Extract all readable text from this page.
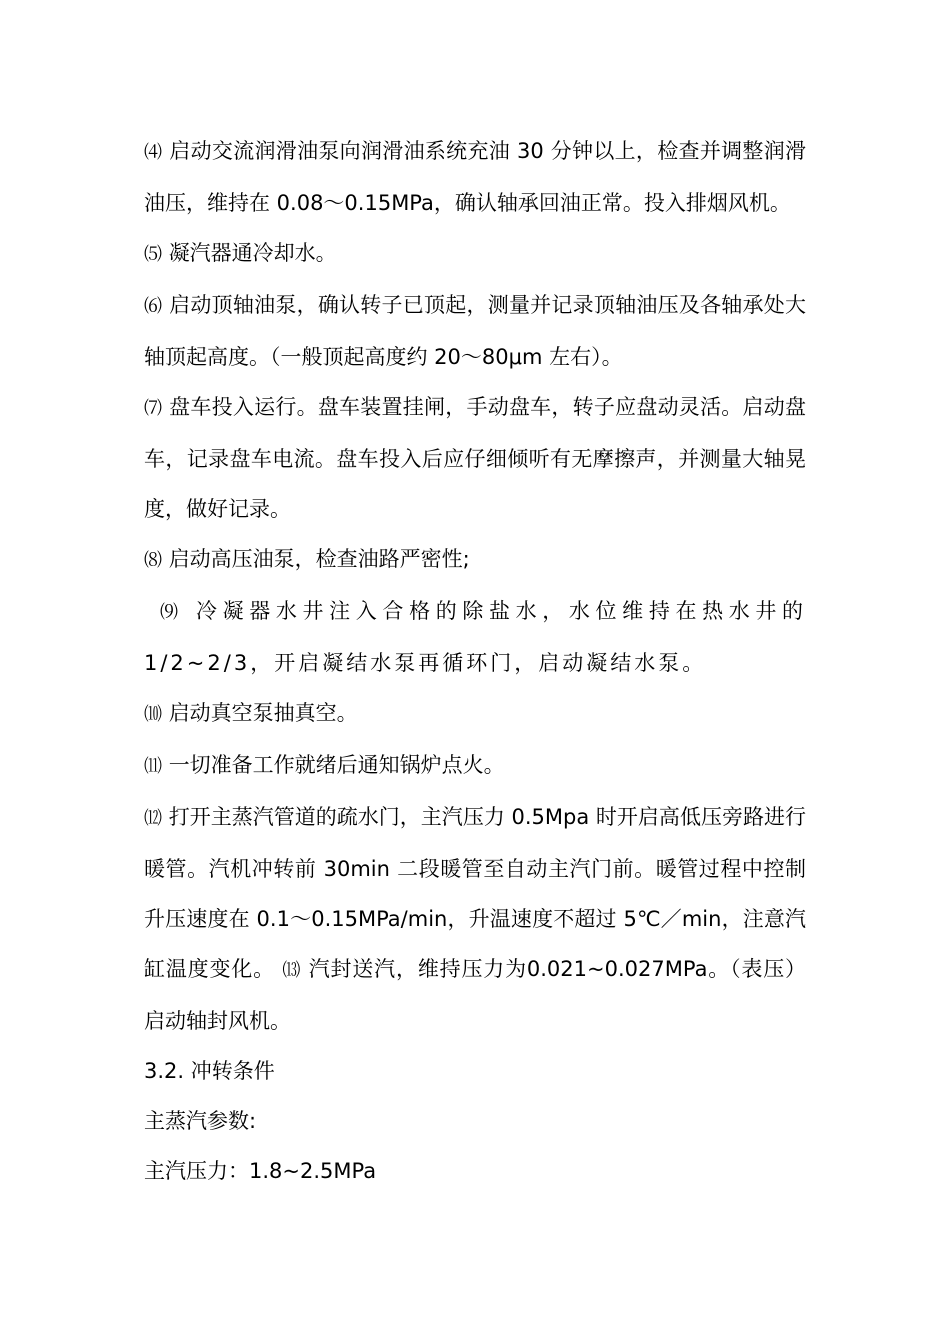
⑷ 启动交流润滑油泵向润滑油系统充油 30 分钟以上，检查并调整润滑油压，维持在 0.08～0.15MPa，确认轴承回油正常。投入排烟风机。

⑸ 凝汽器通冷却水。

⑹ 启动顶轴油泵，确认转子已顶起，测量并记录顶轴油压及各轴承处大轴顶起高度。（一般顶起高度约 20～80μm 左右）。

⑺ 盘车投入运行。盘车装置挂闸，手动盘车，转子应盘动灵活。启动盘车，记录盘车电流。盘车投入后应仔细倾听有无摩擦声，并测量大轴晃度，做好记录。

⑻ 启动高压油泵，检查油路严密性;

⑼ 冷凝器水井注入合格的除盐水，水位维持在热水井的1/2~2/3，开启凝结水泵再循环门，启动凝结水泵。

⑽ 启动真空泵抽真空。

⑾ 一切准备工作就绪后通知锅炉点火。

⑿ 打开主蒸汽管道的疏水门，主汽压力 0.5Mpa 时开启高低压旁路进行暖管。汽机冲转前 30min 二段暖管至自动主汽门前。暖管过程中控制升压速度在 0.1～0.15MPa/min，升温速度不超过 5℃／min，注意汽缸温度变化。 ⒀ 汽封送汽，维持压力为0.021~0.027MPa。（表压）启动轴封风机。

3.2. 冲转条件

主蒸汽参数:

主汽压力：1.8~2.5MPa
